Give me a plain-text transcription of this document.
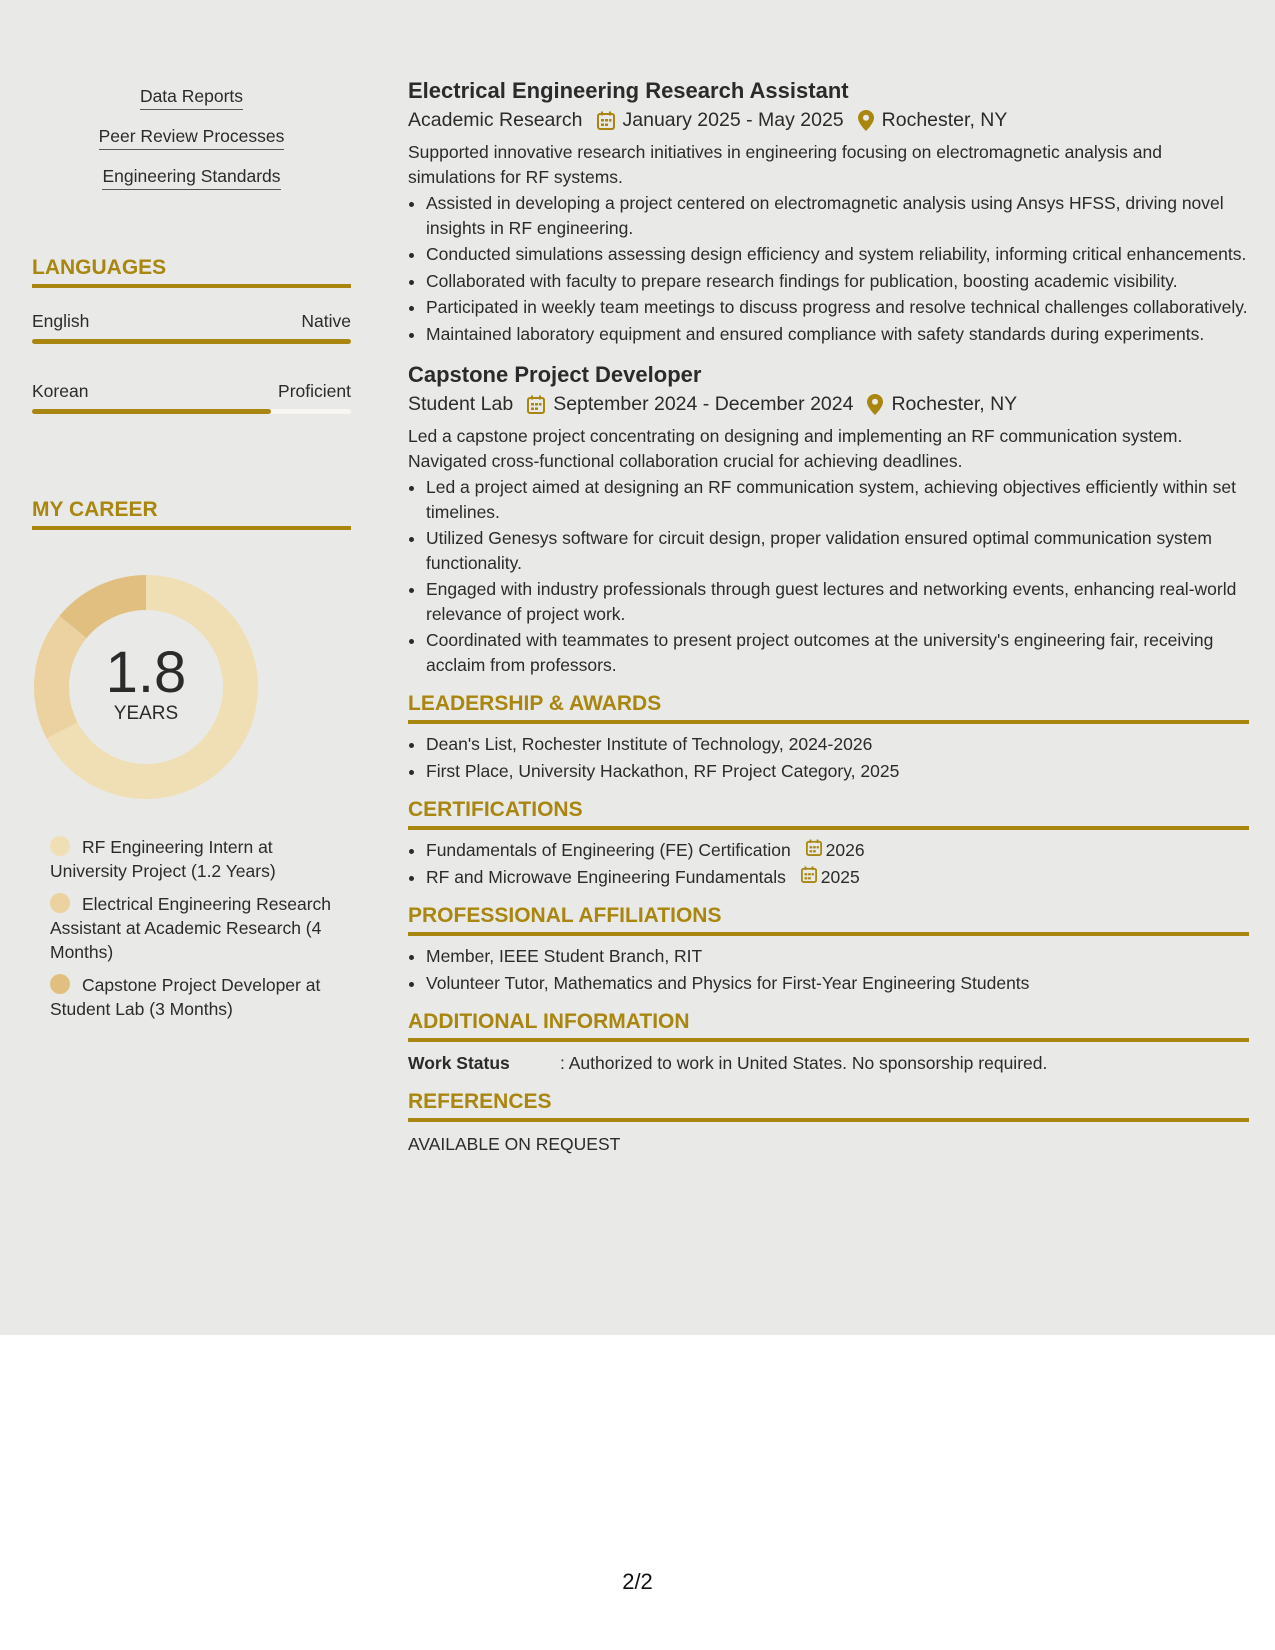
Data Reports
Peer Review Processes
Engineering Standards
LANGUAGES
English	Native
Korean	Proficient
MY CAREER
1.8
YEARS
RF Engineering Intern at University Project (1.2 Years)
Electrical Engineering Research Assistant at Academic Research (4 Months)
Capstone Project Developer at Student Lab (3 Months)
Electrical Engineering Research Assistant
Academic Research January 2025 - May 2025 Rochester, NY
Supported innovative research initiatives in engineering focusing on electromagnetic analysis and simulations for RF systems.
• Assisted in developing a project centered on electromagnetic analysis using Ansys HFSS, driving novel insights in RF engineering.
• Conducted simulations assessing design efficiency and system reliability, informing critical enhancements.
• Collaborated with faculty to prepare research findings for publication, boosting academic visibility.
• Participated in weekly team meetings to discuss progress and resolve technical challenges collaboratively.
• Maintained laboratory equipment and ensured compliance with safety standards during experiments.
Capstone Project Developer
Student Lab September 2024 - December 2024 Rochester, NY
Led a capstone project concentrating on designing and implementing an RF communication system. Navigated cross-functional collaboration crucial for achieving deadlines.
• Led a project aimed at designing an RF communication system, achieving objectives efficiently within set timelines.
• Utilized Genesys software for circuit design, proper validation ensured optimal communication system functionality.
• Engaged with industry professionals through guest lectures and networking events, enhancing real-world relevance of project work.
• Coordinated with teammates to present project outcomes at the university's engineering fair, receiving acclaim from professors.
LEADERSHIP & AWARDS
• Dean's List, Rochester Institute of Technology, 2024-2026
• First Place, University Hackathon, RF Project Category, 2025
CERTIFICATIONS
• Fundamentals of Engineering (FE) Certification 2026
• RF and Microwave Engineering Fundamentals 2025
PROFESSIONAL AFFILIATIONS
• Member, IEEE Student Branch, RIT
• Volunteer Tutor, Mathematics and Physics for First-Year Engineering Students
ADDITIONAL INFORMATION
Work Status	: Authorized to work in United States. No sponsorship required.
REFERENCES
AVAILABLE ON REQUEST
2/2
